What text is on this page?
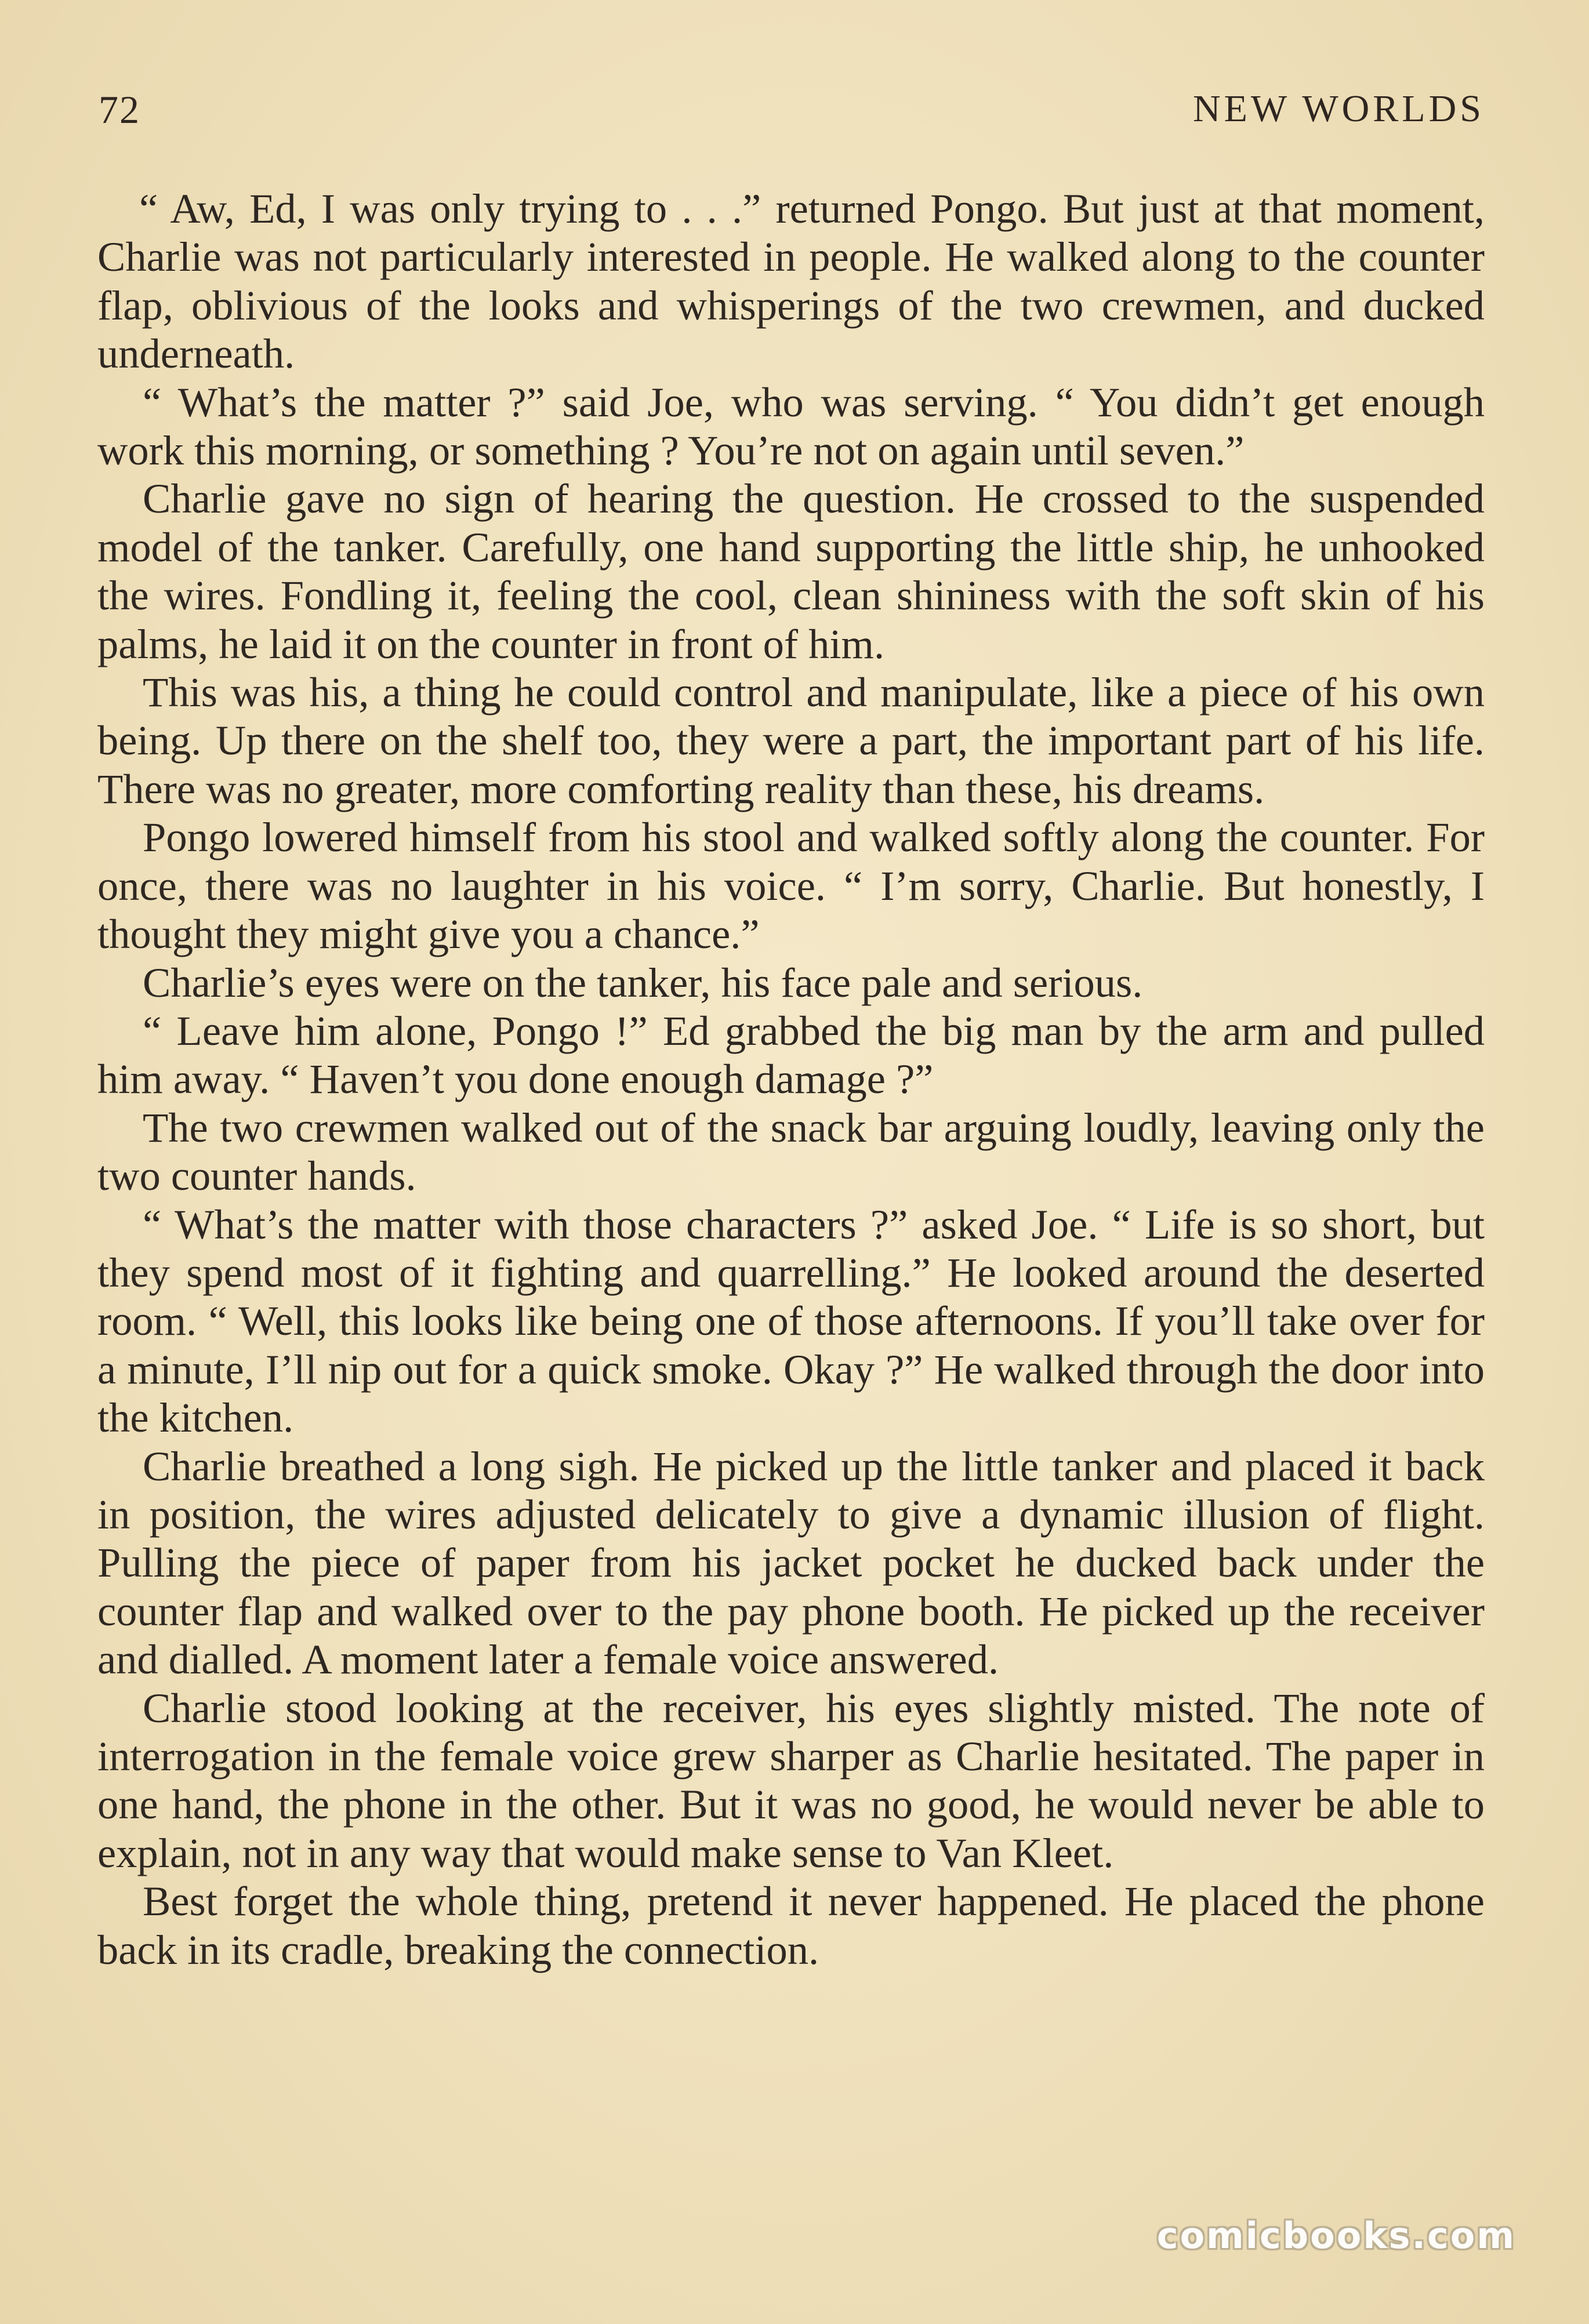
72	NEW WORLDS

“ Aw, Ed, I was only trying to . . .” returned Pongo. But just at that moment, Charlie was not particularly interested in people. He walked along to the counter flap, oblivious of the looks and whisperings of the two crewmen, and ducked underneath.

“ What’s the matter ?” said Joe, who was serving. “ You didn’t get enough work this morning, or something ? You’re not on again until seven.”

Charlie gave no sign of hearing the question. He crossed to the suspended model of the tanker. Carefully, one hand supporting the little ship, he unhooked the wires. Fondling it, feeling the cool, clean shininess with the soft skin of his palms, he laid it on the counter in front of him.

This was his, a thing he could control and manipulate, like a piece of his own being. Up there on the shelf too, they were a part, the important part of his life. There was no greater, more comforting reality than these, his dreams.

Pongo lowered himself from his stool and walked softly along the counter. For once, there was no laughter in his voice. “ I’m sorry, Charlie. But honestly, I thought they might give you a chance.”

Charlie’s eyes were on the tanker, his face pale and serious.

“ Leave him alone, Pongo !” Ed grabbed the big man by the arm and pulled him away. “ Haven’t you done enough damage ?”

The two crewmen walked out of the snack bar arguing loudly, leaving only the two counter hands.

“ What’s the matter with those characters ?” asked Joe. “ Life is so short, but they spend most of it fighting and quarrelling.” He looked around the deserted room. “ Well, this looks like being one of those afternoons. If you’ll take over for a minute, I’ll nip out for a quick smoke. Okay ?” He walked through the door into the kitchen.

Charlie breathed a long sigh. He picked up the little tanker and placed it back in position, the wires adjusted delicately to give a dynamic illusion of flight. Pulling the piece of paper from his jacket pocket he ducked back under the counter flap and walked over to the pay phone booth. He picked up the receiver and dialled. A moment later a female voice answered.

Charlie stood looking at the receiver, his eyes slightly misted. The note of interrogation in the female voice grew sharper as Charlie hesitated. The paper in one hand, the phone in the other. But it was no good, he would never be able to explain, not in any way that would make sense to Van Kleet.

Best forget the whole thing, pretend it never happened. He placed the phone back in its cradle, breaking the connection.

comicbooks.com
